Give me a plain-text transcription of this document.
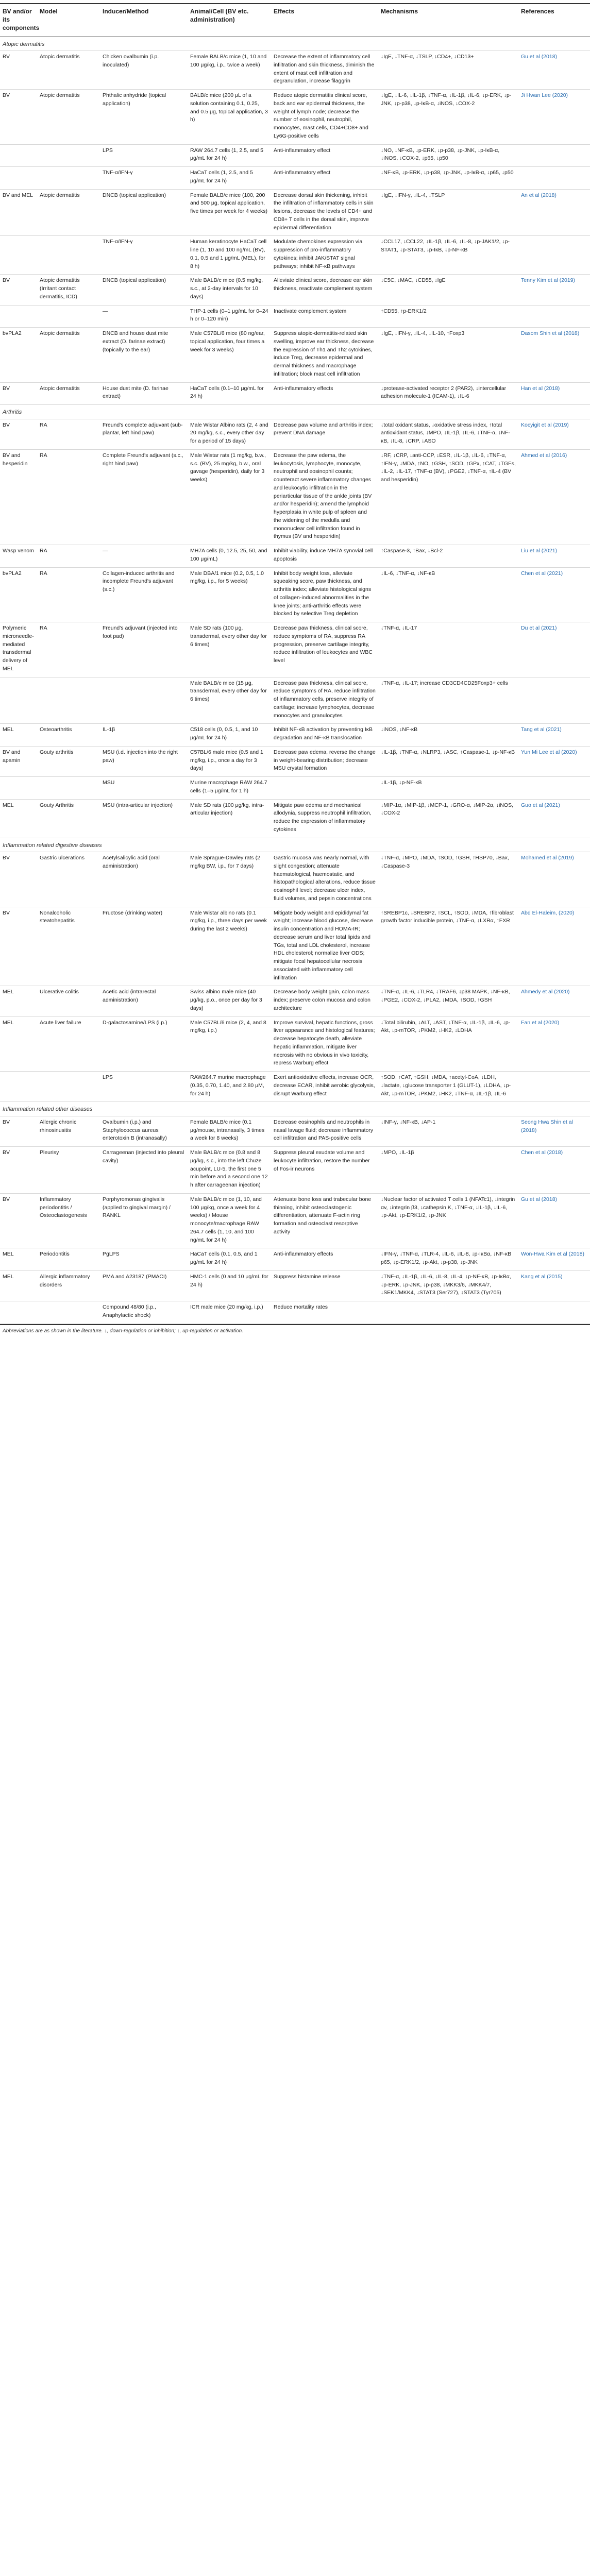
BV and/or its components	Model	Inducer/Method	Animal/Cell (BV etc. administration)	Effects	Mechanisms	References
Atopic dermatitis						
BV	Atopic dermatitis	Chicken ovalbumin (i.p. inoculated)	Female BALB/c mice (1, 10 and 100 μg/kg, i.p., twice a week)	Decrease the extent of inflammatory cell infiltration and skin thickness, diminish the extent of mast cell infiltration and degranulation, increase filaggrin	↓IgE, ↓TNF-α, ↓TSLP, ↓CD4+, ↓CD13+	Gu et al (2018)
BV	Atopic dermatitis	Phthalic anhydride (topical application)	BALB/c mice (200 μL of a solution containing 0.1, 0.25, and 0.5 μg, topical application, 3 h)	Reduce atopic dermatitis clinical score, back and ear epidermal thickness, the weight of lymph node; decrease the number of eosinophil, neutrophil, monocytes, mast cells, CD4+CD8+ and Ly6G-positive cells	↓IgE, ↓IL-6, ↓IL-1β, ↓TNF-α, ↓IL-1β, ↓IL-6, ↓p-ERK, ↓p-JNK, ↓p-p38, ↓p-IκB-α, ↓iNOS, ↓COX-2	Ji Hwan Lee (2020)
		LPS	RAW 264.7 cells (1, 2.5, and 5 μg/mL for 24 h)	Anti-inflammatory effect	↓NO, ↓NF-κB, ↓p-ERK, ↓p-p38, ↓p-JNK, ↓p-IκB-α, ↓iNOS, ↓COX-2, ↓p65, ↓p50	
		TNF-α/IFN-γ	HaCaT cells (1, 2.5, and 5 μg/mL for 24 h)	Anti-inflammatory effect	↓NF-κB, ↓p-ERK, ↓p-p38, ↓p-JNK, ↓p-IκB-α, ↓p65, ↓p50	
BV and MEL	Atopic dermatitis	DNCB (topical application)	Female BALB/c mice (100, 200 and 500 μg, topical application, five times per week for 4 weeks)	Decrease dorsal skin thickening, inhibit the infiltration of inflammatory cells in skin lesions, decrease the levels of CD4+ and CD8+ T cells in the dorsal skin, improve epidermal differentiation	↓IgE, ↓IFN-γ, ↓IL-4, ↓TSLP	An et al (2018)
		TNF-α/IFN-γ	Human keratinocyte HaCaT cell line (1, 10 and 100 ng/mL (BV), 0.1, 0.5 and 1 μg/mL (MEL), for 8 h)	Modulate chemokines expression via suppression of pro-inflammatory cytokines; inhibit JAK/STAT signal pathways; inhibit NF-κB pathways	↓CCL17, ↓CCL22, ↓IL-1β, ↓IL-6, ↓IL-8, ↓p-JAK1/2, ↓p-STAT1, ↓p-STAT3, ↓p-IκB, ↓p-NF-κB	
BV	Atopic dermatitis (Irritant contact dermatitis, ICD)	DNCB (topical application)	Male BALB/c mice (0.5 mg/kg, s.c., at 2-day intervals for 10 days)	Alleviate clinical score, decrease ear skin thickness, reactivate complement system	↓C5C, ↓MAC, ↓CD55, ↓IgE	Tenny Kim et al (2019)
		—	THP-1 cells (0–1 μg/mL for 0–24 h or 0–120 min)	Inactivate complement system	↑CD55, ↑p-ERK1/2	
bvPLA2	Atopic dermatitis	DNCB and house dust mite extract (D. farinae extract) (topically to the ear)	Male C57BL/6 mice (80 ng/ear, topical application, four times a week for 3 weeks)	Suppress atopic-dermatitis-related skin swelling, improve ear thickness, decrease the expression of Th1 and Th2 cytokines, induce Treg, decrease epidermal and dermal thickness and macrophage infiltration; block mast cell infiltration	↓IgE, ↓IFN-γ, ↓IL-4, ↓IL-10, ↑Foxp3	Dasom Shin et al (2018)
BV	Atopic dermatitis	House dust mite (D. farinae extract)	HaCaT cells (0.1–10 μg/mL for 24 h)	Anti-inflammatory effects	↓protease-activated receptor 2 (PAR2), ↓intercellular adhesion molecule-1 (ICAM-1), ↓IL-6	Han et al (2018)
Arthritis						
BV	RA	Freund's complete adjuvant (sub-plantar, left hind paw)	Male Wistar Albino rats (2, 4 and 20 mg/kg, s.c., every other day for a period of 15 days)	Decrease paw volume and arthritis index; prevent DNA damage	↓total oxidant status, ↓oxidative stress index, ↑total antioxidant status, ↓MPO, ↓IL-1β, ↓IL-6, ↓TNF-α, ↓NF-κB, ↓IL-8, ↓CRP, ↓ASO	Kocyigit et al (2019)
BV and hesperidin	RA	Complete Freund's adjuvant (s.c., right hind paw)	Male Wistar rats (1 mg/kg, b.w., s.c. (BV), 25 mg/kg, b.w., oral gavage (hesperidin), daily for 3 weeks)	Decrease the paw edema, the leukocytosis, lymphocyte, monocyte, neutrophil and eosinophil counts; counteract severe inflammatory changes and leukocytic infiltration in the periarticular tissue of the ankle joints (BV and/or hesperidin); amend the lymphoid hyperplasia in white pulp of spleen and the widening of the medulla and mononuclear cell infiltration found in thymus (BV and hesperidin)	↓RF, ↓CRP, ↓anti-CCP, ↓ESR, ↓IL-1β, ↓IL-6, ↓TNF-α, ↑IFN-γ, ↓MDA, ↑NO, ↑GSH, ↑SOD, ↑GPx, ↑CAT, ↓TGFs, ↓IL-2, ↓IL-17, ↑TNF-α (BV), ↓PGE2, ↓TNF-α, ↑IL-4 (BV and hesperidin)	Ahmed et al (2016)
Wasp venom	RA	—	MH7A cells (0, 12.5, 25, 50, and 100 μg/mL)	Inhibit viability, induce MH7A synovial cell apoptosis	↑Caspase-3, ↑Bax, ↓Bcl-2	Liu et al (2021)
bvPLA2	RA	Collagen-induced arthritis and incomplete Freund's adjuvant (s.c.)	Male DBA/1 mice (0.2, 0.5, 1.0 mg/kg, i.p., for 5 weeks)	Inhibit body weight loss, alleviate squeaking score, paw thickness, and arthritis index; alleviate histological signs of collagen-induced abnormalities in the knee joints; anti-arthritic effects were blocked by selective Treg depletion	↓IL-6, ↓TNF-α, ↓NF-κB	Chen et al (2021)
Polymeric microneedle-mediated transdermal delivery of MEL	RA	Freund's adjuvant (injected into foot pad)	Male SD rats (100 μg, transdermal, every other day for 6 times)	Decrease paw thickness, clinical score, reduce symptoms of RA, suppress RA progression, preserve cartilage integrity, reduce infiltration of leukocytes and WBC level	↓TNF-α, ↓IL-17	Du et al (2021)
			Male BALB/c mice (15 μg, transdermal, every other day for 6 times)	Decrease paw thickness, clinical score, reduce symptoms of RA, reduce infiltration of inflammatory cells, preserve integrity of cartilage; increase lymphocytes, decrease monocytes and granulocytes	↓TNF-α, ↓IL-17; increase CD3CD4CD25Foxp3+ cells	
MEL	Osteoarthritis	IL-1β	C518 cells (0, 0.5, 1, and 10 μg/mL for 24 h)	Inhibit NF-κB activation by preventing IκB degradation and NF-κB translocation	↓iNOS, ↓NF-κB	Tang et al (2021)
BV and apamin	Gouty arthritis	MSU (i.d. injection into the right paw)	C57BL/6 male mice (0.5 and 1 mg/kg, i.p., once a day for 3 days)	Decrease paw edema, reverse the change in weight-bearing distribution; decrease MSU crystal formation	↓IL-1β, ↓TNF-α, ↓NLRP3, ↓ASC, ↑Caspase-1, ↓p-NF-κB	Yun Mi Lee et al (2020)
		MSU	Murine macrophage RAW 264.7 cells (1–5 μg/mL for 1 h)		↓IL-1β, ↓p-NF-κB	
MEL	Gouty Arthritis	MSU (intra-articular injection)	Male SD rats (100 μg/kg, intra-articular injection)	Mitigate paw edema and mechanical allodynia, suppress neutrophil infiltration, reduce the expression of inflammatory cytokines	↓MIP-1α, ↓MIP-1β, ↓MCP-1, ↓GRO-α, ↓MIP-2α, ↓iNOS, ↓COX-2	Guo et al (2021)
Inflammation related digestive diseases						
BV	Gastric ulcerations	Acetylsalicylic acid (oral administration)	Male Sprague-Dawley rats (2 mg/kg BW, i.p., for 7 days)	Gastric mucosa was nearly normal, with slight congestion; attenuate haematological, haemostatic, and histopathological alterations, reduce tissue eosinophil level; decrease ulcer index, fluid volumes, and pepsin concentrations	↓TNF-α, ↓MPO, ↓MDA, ↑SOD, ↑GSH, ↑HSP70, ↓Bax, ↓Caspase-3	Mohamed et al (2019)
BV	Nonalcoholic steatohepatitis	Fructose (drinking water)	Male Wistar albino rats (0.1 mg/kg, i.p., three days per week during the last 2 weeks)	Mitigate body weight and epididymal fat weight; increase blood glucose, decrease insulin concentration and HOMA-IR; decrease serum and liver total lipids and TGs, total and LDL cholesterol, increase HDL cholesterol; normalize liver ODS; mitigate focal hepatocellular necrosis associated with inflammatory cell infiltration	↑SREBP1c, ↓SREBP2, ↑SCL, ↑SOD, ↓MDA, ↑fibroblast growth factor inducible protein, ↓TNF-α, ↓LXRα, ↑FXR	Abd El-Haleim, (2020)
MEL	Ulcerative colitis	Acetic acid (intrarectal administration)	Swiss albino male mice (40 μg/kg, p.o., once per day for 3 days)	Decrease body weight gain, colon mass index; preserve colon mucosa and colon architecture	↓TNF-α, ↓IL-6, ↓TLR4, ↓TRAF6, ↓p38 MAPK, ↓NF-κB, ↓PGE2, ↓COX-2, ↓PLA2, ↓MDA, ↑SOD, ↑GSH	Ahmedy et al (2020)
MEL	Acute liver failure	D-galactosamine/LPS (i.p.)	Male C57BL/6 mice (2, 4, and 8 mg/kg, i.p.)	Improve survival, hepatic functions, gross liver appearance and histological features; decrease hepatocyte death, alleviate hepatic inflammation, mitigate liver necrosis with no obvious in vivo toxicity, repress Warburg effect	↓Total bilirubin, ↓ALT, ↓AST, ↓TNF-α, ↓IL-1β, ↓IL-6, ↓p-Akt, ↓p-mTOR, ↓PKM2, ↓HK2, ↓LDHA	Fan et al (2020)
		LPS	RAW264.7 murine macrophage (0.35, 0.70, 1.40, and 2.80 μM, for 24 h)	Exert antioxidative effects, increase OCR, decrease ECAR, inhibit aerobic glycolysis, disrupt Warburg effect	↑SOD, ↑CAT, ↑GSH, ↓MDA, ↑acetyl-CoA, ↓LDH, ↓lactate, ↓glucose transporter 1 (GLUT-1), ↓LDHA, ↓p-Akt, ↓p-mTOR, ↓PKM2, ↓HK2, ↓TNF-α, ↓IL-1β, ↓IL-6	
Inflammation related other diseases						
BV	Allergic chronic rhinosinusitis	Ovalbumin (i.p.) and Staphylococcus aureus enterotoxin B (intranasally)	Female BALB/c mice (0.1 μg/mouse, intranasally, 3 times a week for 8 weeks)	Decrease eosinophils and neutrophils in nasal lavage fluid; decrease inflammatory cell infiltration and PAS-positive cells	↓INF-γ, ↓NF-κB, ↓AP-1	Seong Hwa Shin et al (2018)
BV	Pleurisy	Carrageenan (injected into pleural cavity)	Male BALB/c mice (0.8 and 8 μg/kg, s.c., into the left Chuze acupoint, LU-5, the first one 5 min before and a second one 12 h after carrageenan injection)	Suppress pleural exudate volume and leukocyte infiltration, restore the number of Fos-ir neurons	↓MPO, ↓IL-1β	Chen et al (2018)
BV	Inflammatory periodontitis / Osteoclastogenesis	Porphyromonas gingivalis (applied to gingival margin) / RANKL	Male BALB/c mice (1, 10, and 100 μg/kg, once a week for 4 weeks) / Mouse monocyte/macrophage RAW 264.7 cells (1, 10, and 100 ng/mL for 24 h)	Attenuate bone loss and trabecular bone thinning, inhibit osteoclastogenic differentiation, attenuate F-actin ring formation and osteoclast resorptive activity	↓Nuclear factor of activated T cells 1 (NFATc1), ↓integrin αv, ↓integrin β3, ↓cathepsin K, ↓TNF-α, ↓IL-1β, ↓IL-6, ↓p-Akt, ↓p-ERK1/2, ↓p-JNK	Gu et al (2018)
MEL	Periodontitis	PgLPS	HaCaT cells (0.1, 0.5, and 1 μg/mL for 24 h)	Anti-inflammatory effects	↓IFN-γ, ↓TNF-α, ↓TLR-4, ↓IL-6, ↓IL-8, ↓p-IκBα, ↓NF-κB p65, ↓p-ERK1/2, ↓p-Akt, ↓p-p38, ↓p-JNK	Won-Hwa Kim et al (2018)
MEL	Allergic inflammatory disorders	PMA and A23187 (PMACI)	HMC-1 cells (0 and 10 μg/mL for 24 h)	Suppress histamine release	↓TNF-α, ↓IL-1β, ↓IL-6, ↓IL-8, ↓IL-4, ↓p-NF-κB, ↓p-IκBα, ↓p-ERK, ↓p-JNK, ↓p-p38, ↓MKK3/6, ↓MKK4/7, ↓SEK1/MKK4, ↓STAT3 (Ser727), ↓STAT3 (Tyr705)	Kang et al (2015)
		Compound 48/80 (i.p., Anaphylactic shock)	ICR male mice (20 mg/kg, i.p.)	Reduce mortality rates		
Abbreviations are as shown in the literature. ↓, down-regulation or inhibition; ↑, up-regulation or activation.
